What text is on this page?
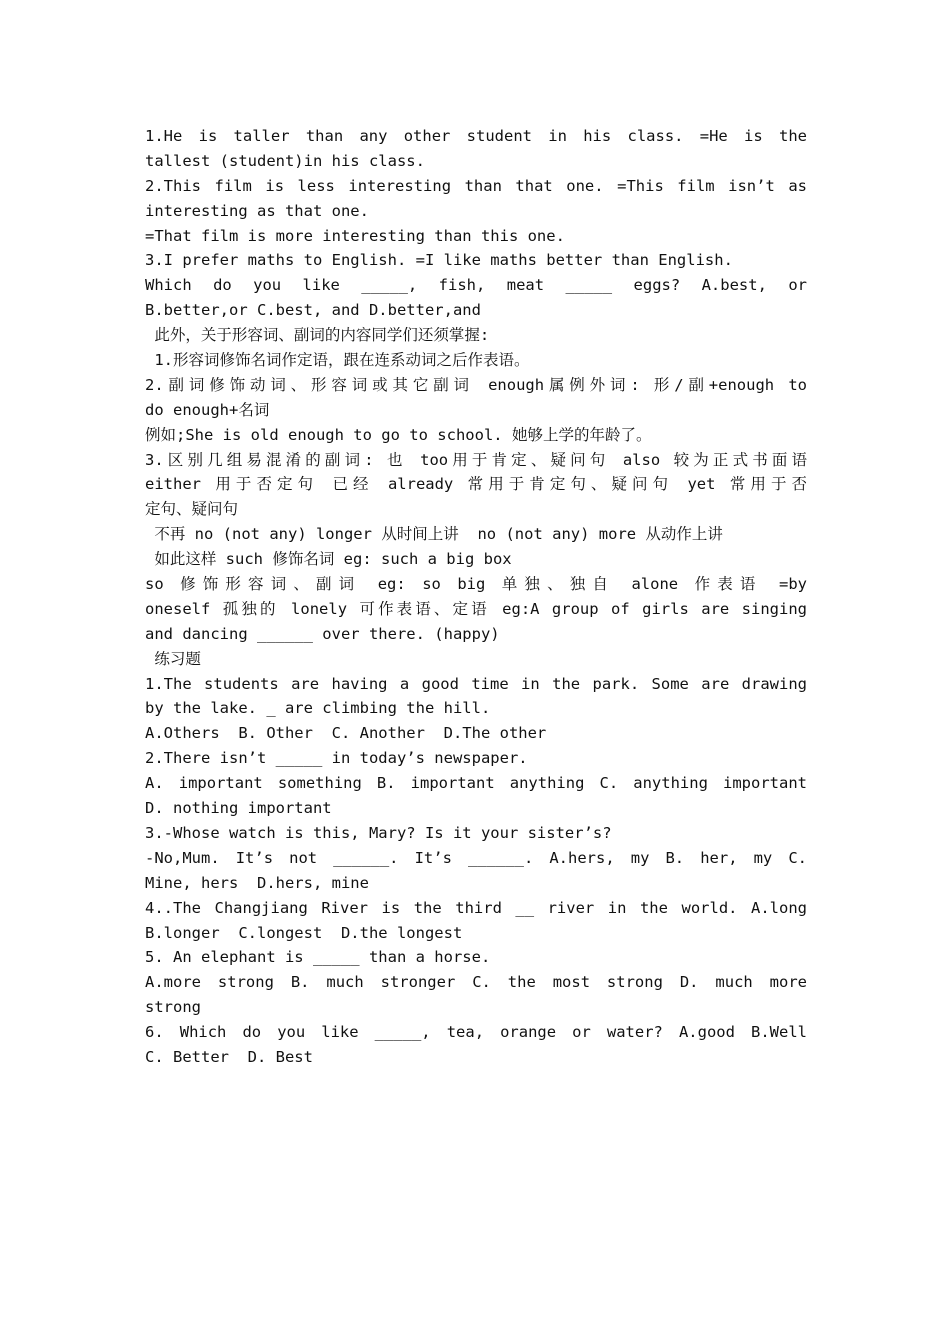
1.He is taller than any other student in his class. =He is the
tallest (student)in his class.
2.This film is less interesting than that one. =This film isn’t as
interesting as that one.
=That film is more interesting than this one.
3.I prefer maths to English. =I like maths better than English.
Which do you like _____, fish, meat _____ eggs? A.best, or
B.better,or C.best, and D.better,and
此外，关于形容词、副词的内容同学们还须掌握:
1.形容词修饰名词作定语，跟在连系动词之后作表语。
2.副词修饰动词、形容词或其它副词 enough属例外词: 形/副+enough to
do enough+名词
例如;She is old enough to go to school. 她够上学的年龄了。
3.区别几组易混淆的副词: 也 too用于肯定、疑问句 also 较为正式书面语
either 用于否定句 已经 already 常用于肯定句、疑问句 yet 常用于否
定句、疑问句
不再 no (not any) longer 从时间上讲  no (not any) more 从动作上讲
如此这样 such 修饰名词 eg: such a big box
so 修饰形容词、副词 eg: so big 单独、独自 alone 作表语 =by
oneself 孤独的 lonely 可作表语、定语 eg:A group of girls are singing
and dancing ______ over there. (happy)
练习题
1.The students are having a good time in the park. Some are drawing
by the lake. _ are climbing the hill.
A.Others  B. Other  C. Another  D.The other
2.There isn’t _____ in today’s newspaper.
A. important something B. important anything C. anything important
D. nothing important
3.-Whose watch is this, Mary? Is it your sister’s?
-No,Mum. It’s not ______. It’s ______. A.hers, my B. her, my C.
Mine, hers  D.hers, mine
4..The Changjiang River is the third __ river in the world. A.long
B.longer  C.longest  D.the longest
5. An elephant is _____ than a horse.
A.more strong B. much stronger C. the most strong D. much more
strong
6. Which do you like _____, tea, orange or water? A.good B.Well
C. Better  D. Best
